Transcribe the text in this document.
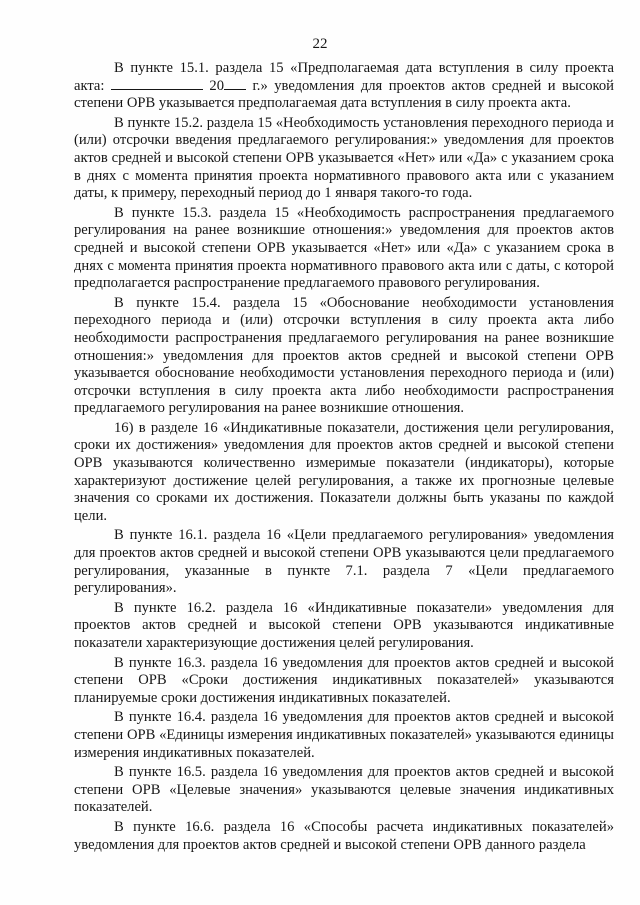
22

В пункте 15.1. раздела 15 «Предполагаемая дата вступления в силу проекта акта:	20 г.» уведомления для проектов актов средней и высокой степени ОРВ указывается предполагаемая дата вступления в силу проекта акта.

В пункте 15.2. раздела 15 «Необходимость установления переходного периода и (или) отсрочки введения предлагаемого регулирования:» уведомления для проектов актов средней и высокой степени ОРВ указывается «Нет» или «Да» с указанием срока в днях с момента принятия проекта нормативного правового акта или с указанием даты, к примеру, переходный период до 1 января такого-то года.

В пункте 15.3. раздела 15 «Необходимость распространения предлагаемого регулирования на ранее возникшие отношения:» уведомления для проектов актов средней и высокой степени ОРВ указывается «Нет» или «Да» с указанием срока в днях с момента принятия проекта нормативного правового акта или с даты, с которой предполагается распространение предлагаемого правового регулирования.

В пункте 15.4. раздела 15 «Обоснование необходимости установления переходного периода и (или) отсрочки вступления в силу проекта акта либо необходимости распространения предлагаемого регулирования на ранее возникшие отношения:» уведомления для проектов актов средней и высокой степени ОРВ указывается обоснование необходимости установления переходного периода и (или) отсрочки вступления в силу проекта акта либо необходимости распространения предлагаемого регулирования на ранее возникшие отношения.

16) в разделе 16 «Индикативные показатели, достижения цели регулирования, сроки их достижения» уведомления для проектов актов средней и высокой степени ОРВ указываются количественно измеримые показатели (индикаторы), которые характеризуют достижение целей регулирования, а также их прогнозные целевые значения со сроками их достижения. Показатели должны быть указаны по каждой цели.

В пункте 16.1. раздела 16 «Цели предлагаемого регулирования» уведомления для проектов актов средней и высокой степени ОРВ указываются цели предлагаемого регулирования, указанные в пункте 7.1. раздела 7 «Цели предлагаемого регулирования».

В пункте 16.2. раздела 16 «Индикативные показатели» уведомления для проектов актов средней и высокой степени ОРВ указываются индикативные показатели характеризующие достижения целей регулирования.

В пункте 16.3. раздела 16 уведомления для проектов актов средней и высокой степени ОРВ «Сроки достижения индикативных показателей» указываются планируемые сроки достижения индикативных показателей.

В пункте 16.4. раздела 16 уведомления для проектов актов средней и высокой степени ОРВ «Единицы измерения индикативных показателей» указываются единицы измерения индикативных показателей.

В пункте 16.5. раздела 16 уведомления для проектов актов средней и высокой степени ОРВ «Целевые значения» указываются целевые значения индикативных показателей.

В пункте 16.6. раздела 16 «Способы расчета индикативных показателей» уведомления для проектов актов средней и высокой степени ОРВ данного раздела
